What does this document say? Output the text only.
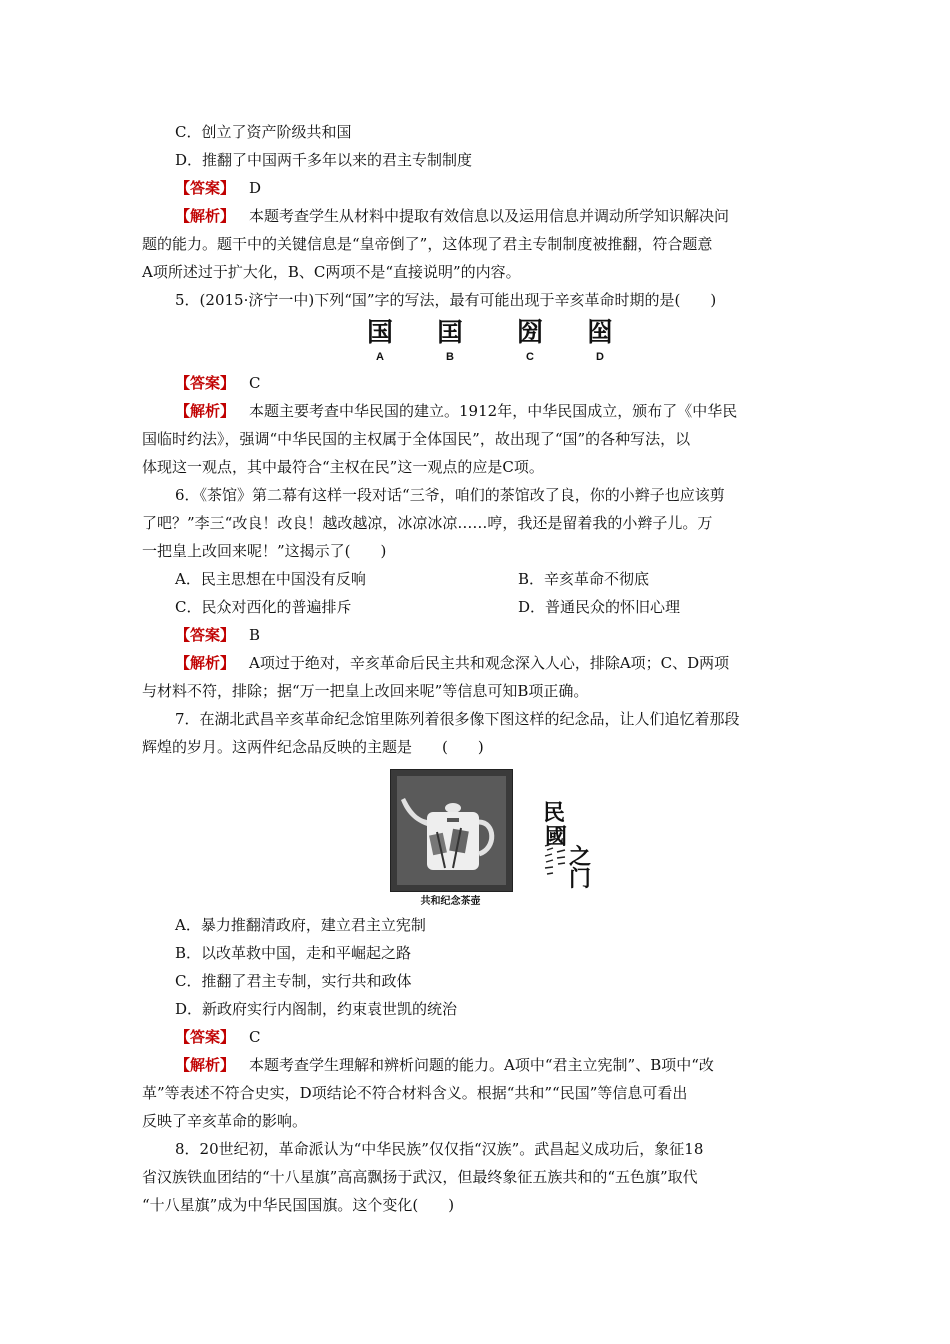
C．创立了资产阶级共和国
D．推翻了中国两千多年以来的君主专制制度
【答案】 D
【解析】 本题考查学生从材料中提取有效信息以及运用信息并调动所学知识解决问
题的能力。题干中的关键信息是“皇帝倒了”，这体现了君主专制制度被推翻，符合题意
A项所述过于扩大化，B、C两项不是“直接说明”的内容。
5．(2015·济宁一中)下列“国”字的写法，最有可能出现于辛亥革命时期的是(　　)
国
A
囯
B
圀
C
囶
D
【答案】 C
【解析】 本题主要考查中华民国的建立。1912年，中华民国成立，颁布了《中华民
国临时约法》，强调“中华民国的主权属于全体国民”，故出现了“国”的各种写法，以
体现这一观点，其中最符合“主权在民”这一观点的应是C项。
6．《茶馆》第二幕有这样一段对话“三爷，咱们的茶馆改了良，你的小辫子也应该剪
了吧？”李三“改良！改良！越改越凉，冰凉冰凉……哼，我还是留着我的小辫子儿。万
一把皇上改回来呢！”这揭示了(　　)
A．民主思想在中国没有反响	B．辛亥革命不彻底
C．民众对西化的普遍排斥	D．普通民众的怀旧心理
【答案】 B
【解析】 A项过于绝对，辛亥革命后民主共和观念深入人心，排除A项；C、D两项
与材料不符，排除；据“万一把皇上改回来呢”等信息可知B项正确。
7．在湖北武昌辛亥革命纪念馆里陈列着很多像下图这样的纪念品，让人们追忆着那段
辉煌的岁月。这两件纪念品反映的主题是　　(　　)
共和纪念茶壶
民
國
之
门
A．暴力推翻清政府，建立君主立宪制
B．以改革救中国，走和平崛起之路
C．推翻了君主专制，实行共和政体
D．新政府实行内阁制，约束袁世凯的统治
【答案】 C
【解析】 本题考查学生理解和辨析问题的能力。A项中“君主立宪制”、B项中“改
革”等表述不符合史实，D项结论不符合材料含义。根据“共和”“民国”等信息可看出
反映了辛亥革命的影响。
8．20世纪初，革命派认为“中华民族”仅仅指“汉族”。武昌起义成功后，象征18
省汉族铁血团结的“十八星旗”高高飘扬于武汉，但最终象征五族共和的“五色旗”取代
“十八星旗”成为中华民国国旗。这个变化(　　)
